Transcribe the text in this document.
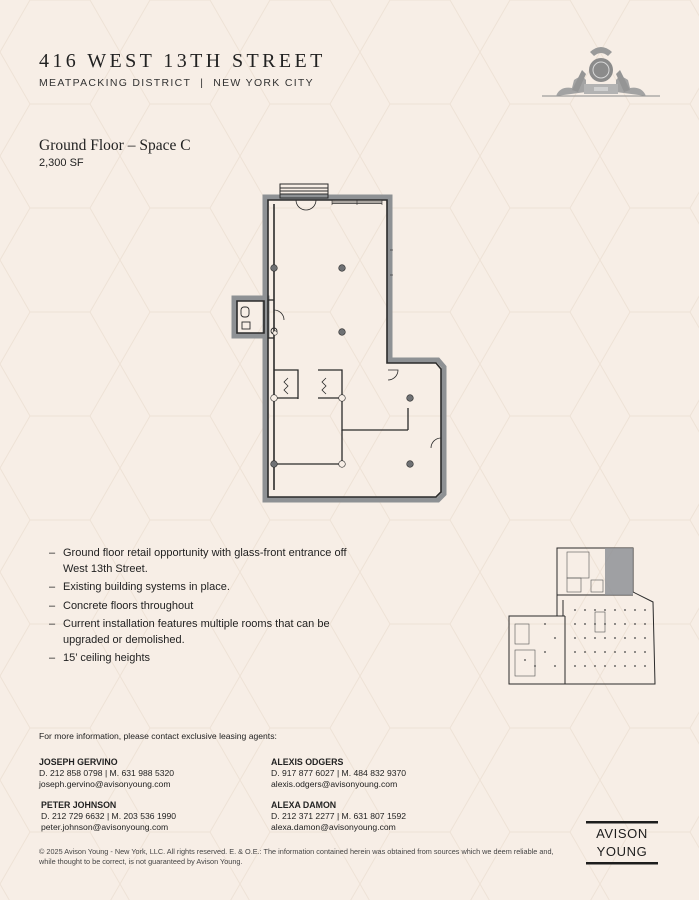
416 WEST 13TH STREET
MEATPACKING DISTRICT | NEW YORK CITY
Ground Floor – Space C
2,300 SF
– Ground floor retail opportunity with glass-front entrance off West 13th Street.
– Existing building systems in place.
– Concrete floors throughout
– Current installation features multiple rooms that can be upgraded or demolished.
– 15’ ceiling heights
For more information, please contact exclusive leasing agents:
JOSEPH GERVINO
D. 212 858 0798 | M. 631 988 5320
joseph.gervino@avisonyoung.com
ALEXIS ODGERS
D. 917 877 6027 | M. 484 832 9370
alexis.odgers@avisonyoung.com
PETER JOHNSON
D. 212 729 6632 | M. 203 536 1990
peter.johnson@avisonyoung.com
ALEXA DAMON
D. 212 371 2277 | M. 631 807 1592
alexa.damon@avisonyoung.com
© 2025 Avison Young - New York, LLC. All rights reserved. E. & O.E.: The information contained herein was obtained from sources which we deem reliable and, while thought to be correct, is not guaranteed by Avison Young.
AVISON
YOUNG
